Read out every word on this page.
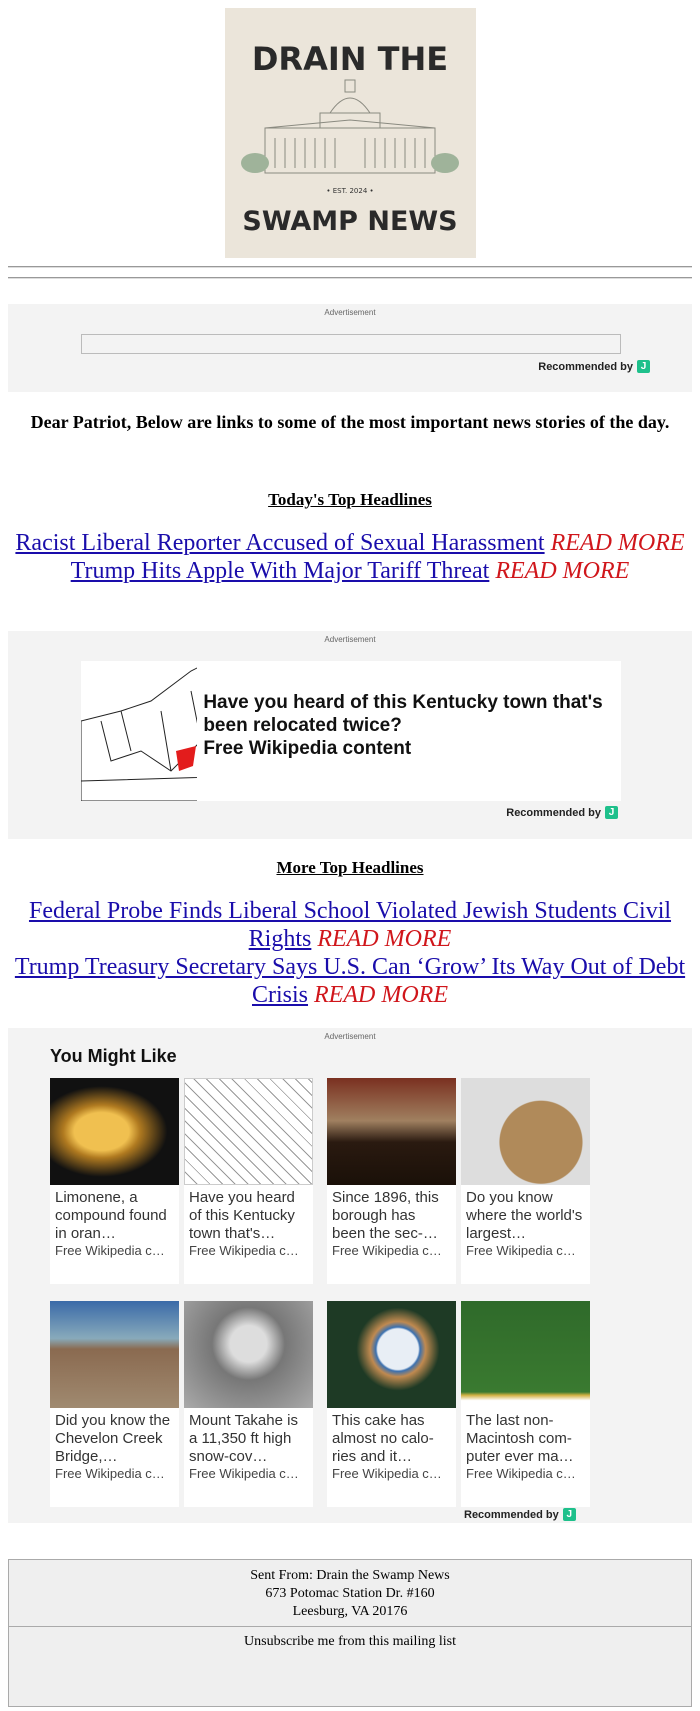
DRAIN THE
• EST. 2024 •
SWAMP NEWS
Advertisement
Recommended by J
Dear Patriot, Below are links to some of the most important news stories of the day.
Today's Top Headlines
Racist Liberal Reporter Accused of Sexual Harassment READ MORE
Trump Hits Apple With Major Tariff Threat READ MORE
Advertisement
Have you heard of this Kentucky town that's been relocated twice?
Free Wikipedia content
Recommended by J
More Top Headlines
Federal Probe Finds Liberal School Violated Jewish Students Civil Rights READ MORE
Trump Treasury Secretary Says U.S. Can ‘Grow’ Its Way Out of Debt Crisis READ MORE
Advertisement
You Might Like
Limonene, a compound found in oran…
Free Wikipedia c…
Have you heard of this Kentucky town that's…
Free Wikipedia c…
Since 1896, this borough has been the sec-…
Free Wikipedia c…
Do you know where the world's largest…
Free Wikipedia c…
Did you know the Chevelon Creek Bridge,…
Free Wikipedia c…
Mount Takahe is a 11,350 ft high snow-cov…
Free Wikipedia c…
This cake has almost no calo-ries and it…
Free Wikipedia c…
The last non-Macintosh com-puter ever ma…
Free Wikipedia c…
Recommended by J
Sent From: Drain the Swamp News
673 Potomac Station Dr. #160
Leesburg, VA 20176
Unsubscribe me from this mailing list
